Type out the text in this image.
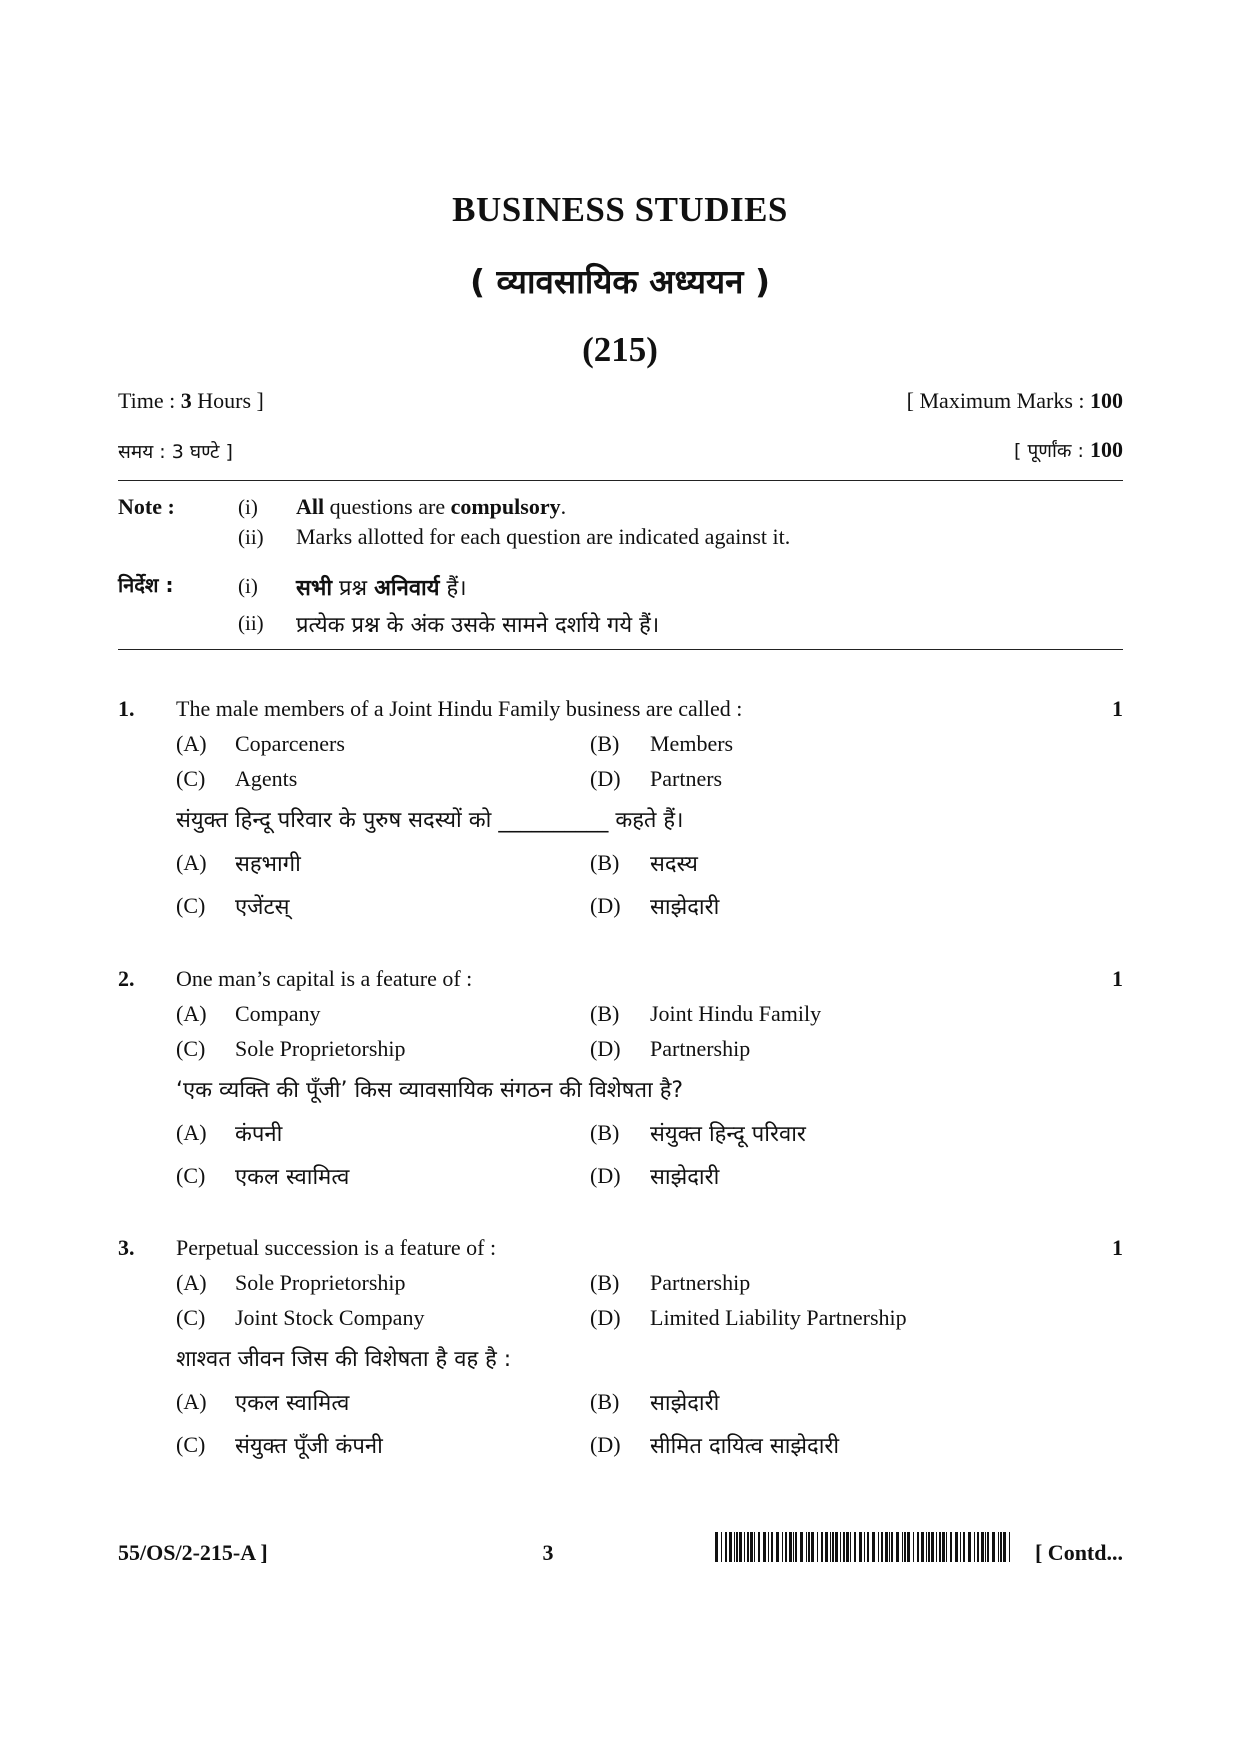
BUSINESS STUDIES
( व्यावसायिक अध्ययन )
(215)
Time : 3 Hours ]	[ Maximum Marks : 100
समय : 3 घण्टे ]	[ पूर्णांक : 100
Note :	(i) All questions are compulsory.
(ii) Marks allotted for each question are indicated against it.
निर्देश :	(i) सभी प्रश्न अनिवार्य हैं।
(ii) प्रत्येक प्रश्न के अंक उसके सामने दर्शाये गये हैं।
1. The male members of a Joint Hindu Family business are called :	1
(A) Coparceners	(B) Members
(C) Agents	(D) Partners
संयुक्त हिन्दू परिवार के पुरुष सदस्यों को __________ कहते हैं।
(A) सहभागी	(B) सदस्य
(C) एजेंटस्	(D) साझेदारी
2. One man’s capital is a feature of :	1
(A) Company	(B) Joint Hindu Family
(C) Sole Proprietorship	(D) Partnership
‘एक व्यक्ति की पूँजी’ किस व्यावसायिक संगठन की विशेषता है?
(A) कंपनी	(B) संयुक्त हिन्दू परिवार
(C) एकल स्वामित्व	(D) साझेदारी
3. Perpetual succession is a feature of :	1
(A) Sole Proprietorship	(B) Partnership
(C) Joint Stock Company	(D) Limited Liability Partnership
शाश्वत जीवन जिस की विशेषता है वह है :
(A) एकल स्वामित्व	(B) साझेदारी
(C) संयुक्त पूँजी कंपनी	(D) सीमित दायित्व साझेदारी
55/OS/2-215-A ]	3	[ Contd...
